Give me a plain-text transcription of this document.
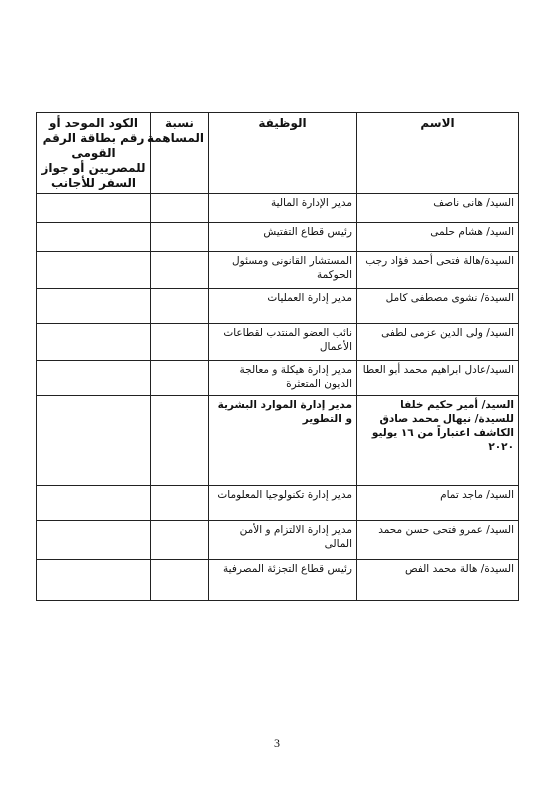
الاسم	الوظيفة	نسبة المساهمة	الكود الموحد أو رقم بطاقة الرقم القومى للمصريين أو جواز السفر للأجانب
السيد/ هانى ناصف	مدير الإدارة المالية		
السيد/ هشام حلمى	رئيس قطاع التفتيش		
السيدة/هالة فتحى أحمد فؤاد رجب	المستشار القانونى ومسئول الحوكمة		
السيدة/ نشوى مصطفى كامل	مدير إدارة العمليات		
السيد/ ولى الدين عزمى لطفى	نائب العضو المنتدب لقطاعات الأعمال		
السيد/عادل ابراهيم محمد أبو العطا	مدير إدارة هيكلة و معالجة الديون المتعثرة		
السيد/ أمير حكيم خلفا للسيدة/ نيهال محمد صادق الكاشف اعتباراً من ١٦ يوليو ٢٠٢٠	مدير إدارة الموارد البشرية و التطوير		
السيد/ ماجد تمام	مدير إدارة تكنولوجيا المعلومات		
السيد/ عمرو فتحى حسن محمد	مدير إدارة الالتزام و الأمن المالى		
السيدة/ هالة محمد الفص	رئيس قطاع التجزئة المصرفية		
3
